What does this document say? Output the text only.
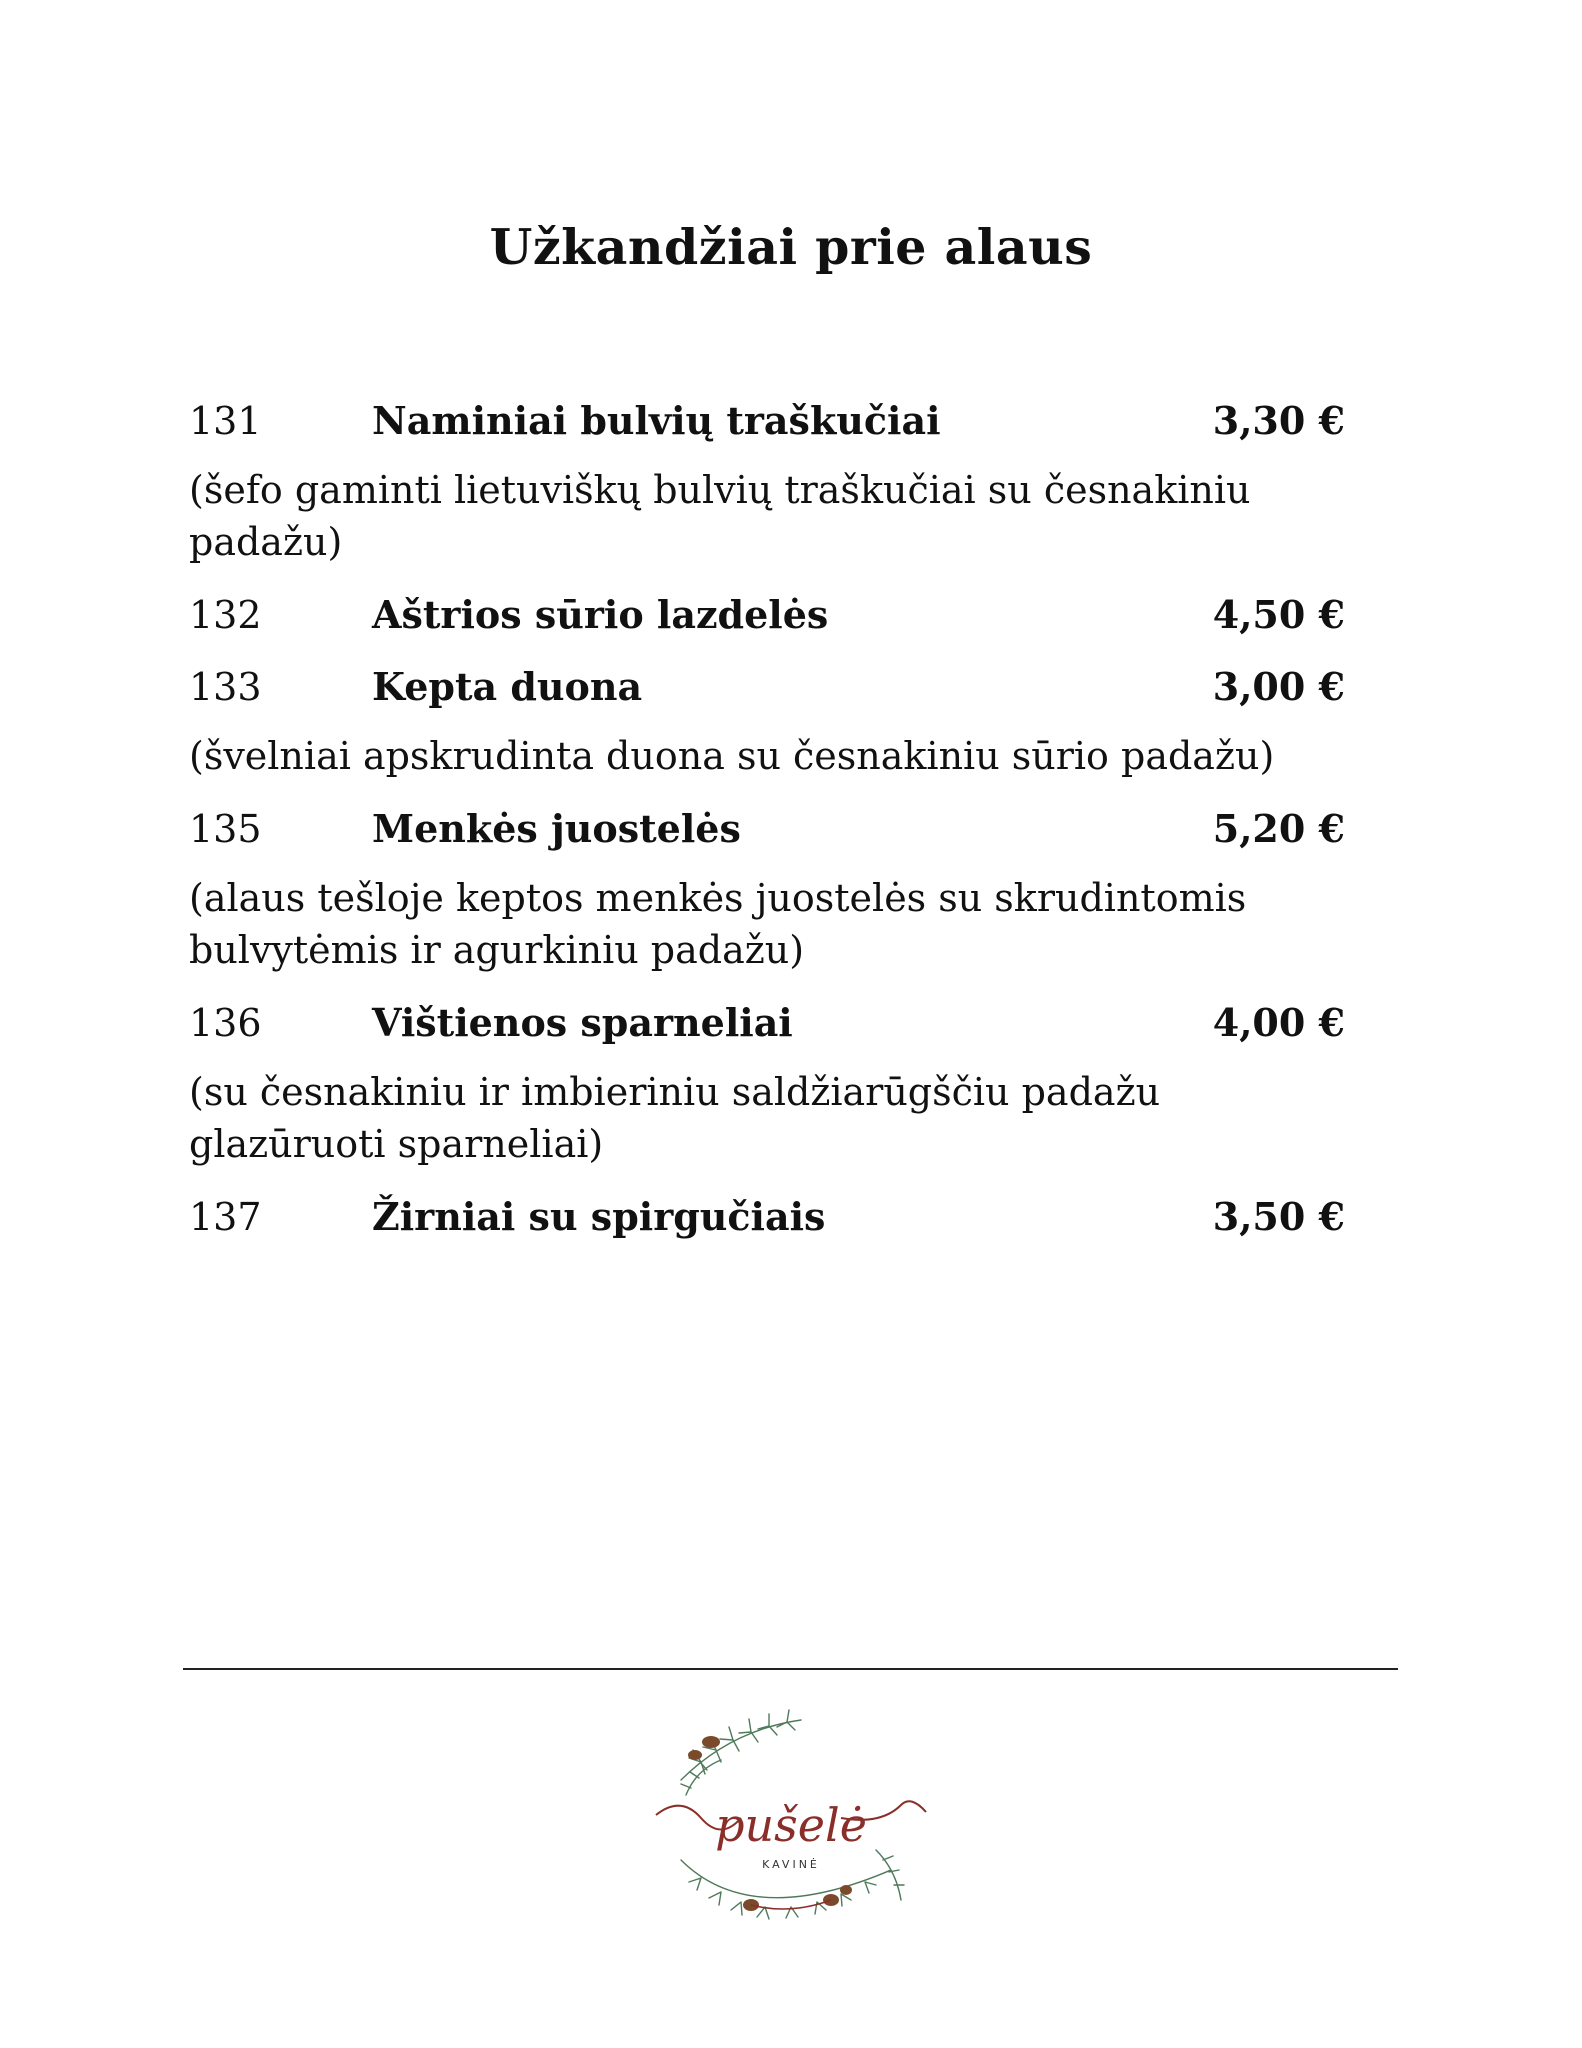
Užkandžiai prie alaus
131	Naminiai bulvių traškučiai	3,30 €
(šefo gaminti lietuviškų bulvių traškučiai su česnakiniu padažu)
132	Aštrios sūrio lazdelės	4,50 €
133	Kepta duona	3,00 €
(švelniai apskrudinta duona su česnakiniu sūrio padažu)
135	Menkės juostelės	5,20 €
(alaus tešloje keptos menkės juostelės su skrudintomis bulvytėmis ir agurkiniu padažu)
136	Vištienos sparneliai	4,00 €
(su česnakiniu ir imbieriniu saldžiarūgščiu padažu glazūruoti sparneliai)
137	Žirniai su spirgučiais	3,50 €
pušelė
KAVINĖ
